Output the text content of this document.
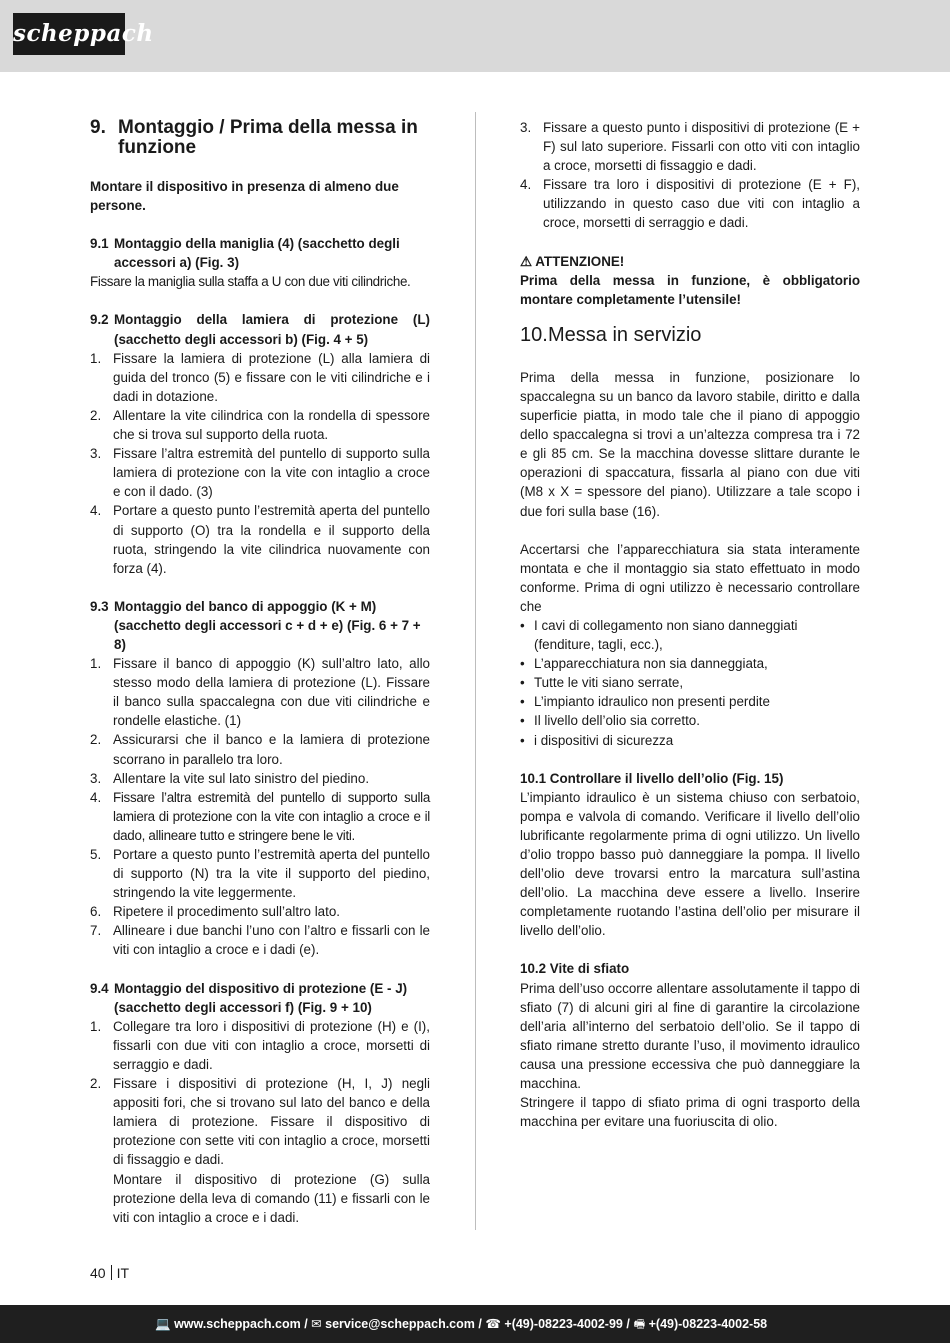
scheppach
9. Montaggio / Prima della messa in funzione

Montare il dispositivo in presenza di almeno due persone.

9.1 Montaggio della maniglia (4) (sacchetto degli accessori a) (Fig. 3)

Fissare la maniglia sulla staffa a U con due viti cilindriche.

9.2 Montaggio della lamiera di protezione (L) (sacchetto degli accessori b) (Fig. 4 + 5)
1. Fissare la lamiera di protezione (L) alla lamiera di guida del tronco (5) e fissare con le viti cilindriche e i dadi in dotazione.
2. Allentare la vite cilindrica con la rondella di spessore che si trova sul supporto della ruota.
3. Fissare l’altra estremità del puntello di supporto sulla lamiera di protezione con la vite con intaglio a croce e con il dado. (3)
4. Portare a questo punto l’estremità aperta del puntello di supporto (O) tra la rondella e il supporto della ruota, stringendo la vite cilindrica nuovamente con forza (4).
9.3 Montaggio del banco di appoggio (K + M) (sacchetto degli accessori c + d + e) (Fig. 6 + 7 + 8)
1. Fissare il banco di appoggio (K) sull’altro lato, allo stesso modo della lamiera di protezione (L). Fissare il banco sulla spaccalegna con due viti cilindriche e rondelle elastiche. (1)
2. Assicurarsi che il banco e la lamiera di protezione scorrano in parallelo tra loro.
3. Allentare la vite sul lato sinistro del piedino.
4. Fissare l’altra estremità del puntello di supporto sulla lamiera di protezione con la vite con intaglio a croce e il dado, allineare tutto e stringere bene le viti.
5. Portare a questo punto l’estremità aperta del puntello di supporto (N) tra la vite il supporto del piedino, stringendo la vite leggermente.
6. Ripetere il procedimento sull’altro lato.
7. Allineare i due banchi l’uno con l’altro e fissarli con le viti con intaglio a croce e i dadi (e).
9.4 Montaggio del dispositivo di protezione (E - J) (sacchetto degli accessori f) (Fig. 9 + 10)
1. Collegare tra loro i dispositivi di protezione (H) e (I), fissarli con due viti con intaglio a croce, morsetti di serraggio e dadi.
2. Fissare i dispositivi di protezione (H, I, J) negli appositi fori, che si trovano sul lato del banco e della lamiera di protezione. Fissare il dispositivo di protezione con sette viti con intaglio a croce, morsetti di fissaggio e dadi.

Montare il dispositivo di protezione (G) sulla protezione della leva di comando (11) e fissarli con le viti con intaglio a croce e i dadi.

3. Fissare a questo punto i dispositivi di protezione (E + F) sul lato superiore. Fissarli con otto viti con intaglio a croce, morsetti di fissaggio e dadi.
4. Fissare tra loro i dispositivi di protezione (E + F), utilizzando in questo caso due viti con intaglio a croce, morsetti di serraggio e dadi.

⚠ ATTENZIONE!

Prima della messa in funzione, è obbligatorio montare completamente l’utensile!

10. Messa in servizio

Prima della messa in funzione, posizionare lo spaccalegna su un banco da lavoro stabile, diritto e dalla superficie piatta, in modo tale che il piano di appoggio dello spaccalegna si trovi a un’altezza compresa tra i 72 e gli 85 cm. Se la macchina dovesse slittare durante le operazioni di spaccatura, fissarla al piano con due viti (M8 x X = spessore del piano). Utilizzare a tale scopo i due fori sulla base (16).

Accertarsi che l’apparecchiatura sia stata interamente montata e che il montaggio sia stato effettuato in modo conforme. Prima di ogni utilizzo è necessario controllare che

• I cavi di collegamento non siano danneggiati (fenditure, tagli, ecc.),
• L’apparecchiatura non sia danneggiata,
• Tutte le viti siano serrate,
• L’impianto idraulico non presenti perdite
• Il livello dell’olio sia corretto.
• i dispositivi di sicurezza

10.1 Controllare il livello dell’olio (Fig. 15)

L’impianto idraulico è un sistema chiuso con serbatoio, pompa e valvola di comando. Verificare il livello dell’olio lubrificante regolarmente prima di ogni utilizzo. Un livello d’olio troppo basso può danneggiare la pompa. Il livello dell’olio deve trovarsi entro la marcatura sull’astina dell’olio. La macchina deve essere a livello. Inserire completamente ruotando l’astina dell’olio per misurare il livello dell’olio.

10.2 Vite di sfiato

Prima dell’uso occorre allentare assolutamente il tappo di sfiato (7) di alcuni giri al fine di garantire la circolazione dell’aria all’interno del serbatoio dell’olio. Se il tappo di sfiato rimane stretto durante l’uso, il movimento idraulico causa una pressione eccessiva che può danneggiare la macchina.

Stringere il tappo di sfiato prima di ogni trasporto della macchina per evitare una fuoriuscita di olio.

40 IT
💻 www.scheppach.com / ✉ service@scheppach.com / ☎ +(49)-08223-4002-99 / 🖷 +(49)-08223-4002-58
